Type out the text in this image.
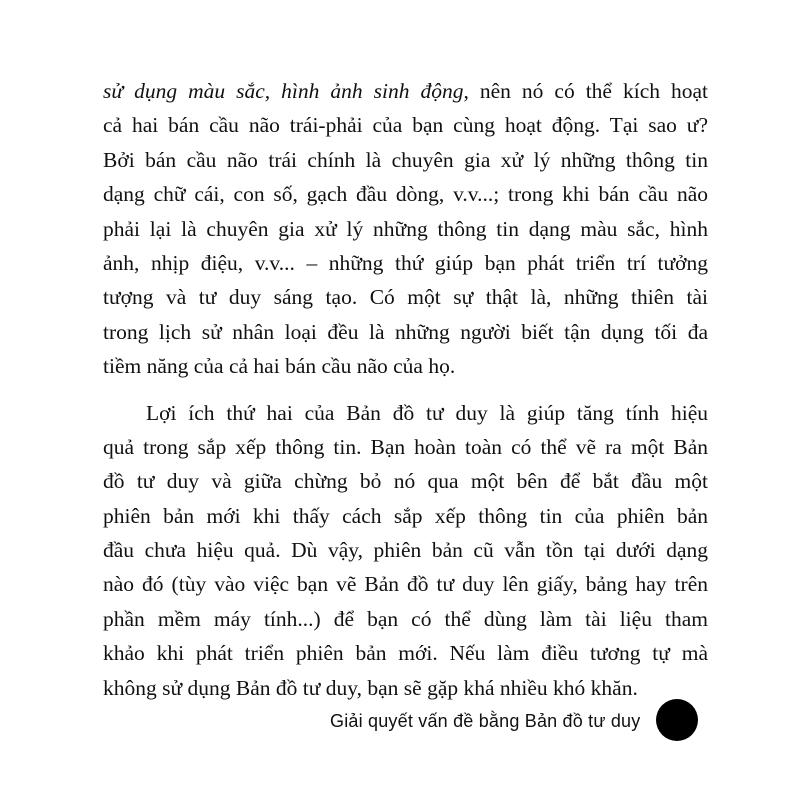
sử dụng màu sắc, hình ảnh sinh động, nên nó có thể kích hoạt
cả hai bán cầu não trái-phải của bạn cùng hoạt động. Tại sao ư?
Bởi bán cầu não trái chính là chuyên gia xử lý những thông tin
dạng chữ cái, con số, gạch đầu dòng, v.v...; trong khi bán cầu não
phải lại là chuyên gia xử lý những thông tin dạng màu sắc, hình
ảnh, nhịp điệu, v.v... – những thứ giúp bạn phát triển trí tưởng
tượng và tư duy sáng tạo. Có một sự thật là, những thiên tài
trong lịch sử nhân loại đều là những người biết tận dụng tối đa
tiềm năng của cả hai bán cầu não của họ.
Lợi ích thứ hai của Bản đồ tư duy là giúp tăng tính hiệu
quả trong sắp xếp thông tin. Bạn hoàn toàn có thể vẽ ra một Bản
đồ tư duy và giữa chừng bỏ nó qua một bên để bắt đầu một
phiên bản mới khi thấy cách sắp xếp thông tin của phiên bản
đầu chưa hiệu quả. Dù vậy, phiên bản cũ vẫn tồn tại dưới dạng
nào đó (tùy vào việc bạn vẽ Bản đồ tư duy lên giấy, bảng hay trên
phần mềm máy tính...) để bạn có thể dùng làm tài liệu tham
khảo khi phát triển phiên bản mới. Nếu làm điều tương tự mà
không sử dụng Bản đồ tư duy, bạn sẽ gặp khá nhiều khó khăn.
Giải quyết vấn đề bằng Bản đồ tư duy
